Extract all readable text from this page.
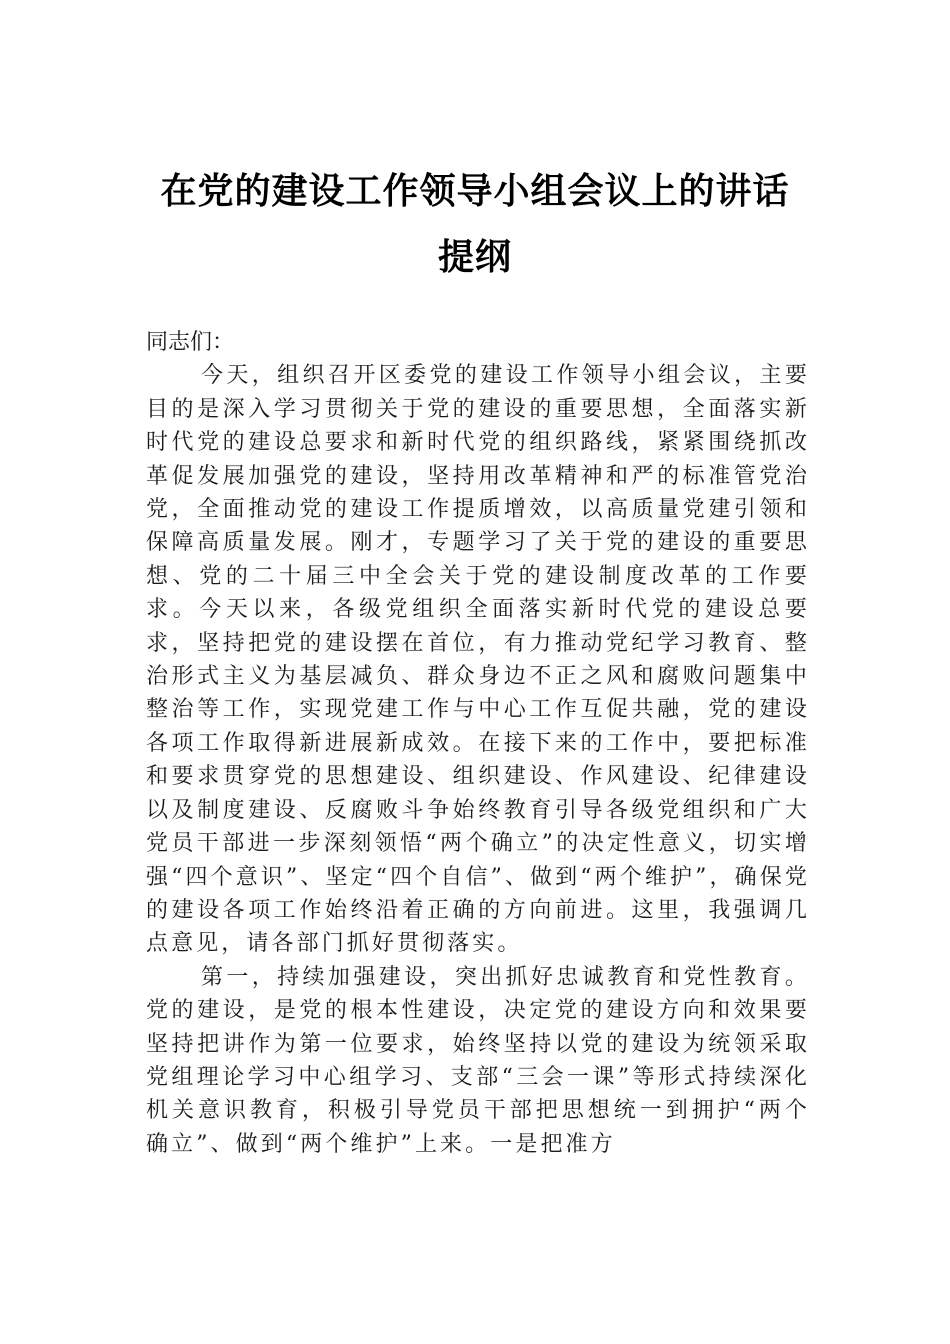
在党的建设工作领导小组会议上的讲话提纲

同志们：

今天，组织召开区委党的建设工作领导小组会议，主要目的是深入学习贯彻关于党的建设的重要思想，全面落实新时代党的建设总要求和新时代党的组织路线，紧紧围绕抓改革促发展加强党的建设，坚持用改革精神和严的标准管党治党，全面推动党的建设工作提质增效，以高质量党建引领和保障高质量发展。刚才，专题学习了关于党的建设的重要思想、党的二十届三中全会关于党的建设制度改革的工作要求。今天以来，各级党组织全面落实新时代党的建设总要求，坚持把党的建设摆在首位，有力推动党纪学习教育、整治形式主义为基层减负、群众身边不正之风和腐败问题集中整治等工作，实现党建工作与中心工作互促共融，党的建设各项工作取得新进展新成效。在接下来的工作中，要把标准和要求贯穿党的思想建设、组织建设、作风建设、纪律建设以及制度建设、反腐败斗争始终教育引导各级党组织和广大党员干部进一步深刻领悟“两个确立”的决定性意义，切实增强“四个意识”、坚定“四个自信”、做到“两个维护”，确保党的建设各项工作始终沿着正确的方向前进。这里，我强调几点意见，请各部门抓好贯彻落实。

第一，持续加强建设，突出抓好忠诚教育和党性教育。党的建设，是党的根本性建设，决定党的建设方向和效果要坚持把讲作为第一位要求，始终坚持以党的建设为统领采取党组理论学习中心组学习、支部“三会一课”等形式持续深化机关意识教育，积极引导党员干部把思想统一到拥护“两个确立”、做到“两个维护”上来。一是把准方
